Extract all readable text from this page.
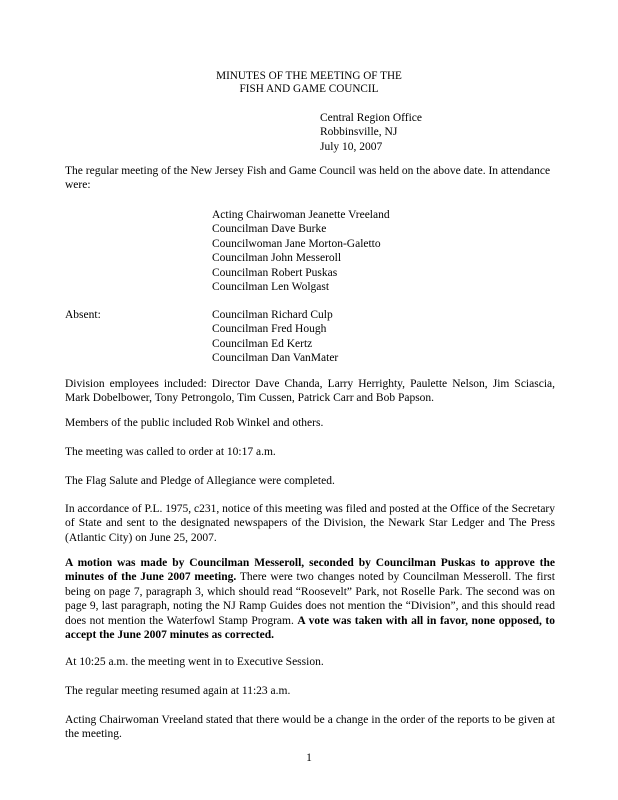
MINUTES OF THE MEETING OF THE
FISH AND GAME COUNCIL
Central Region Office
Robbinsville, NJ
July 10, 2007
The regular meeting of the New Jersey Fish and Game Council was held on the above date. In attendance were:
Acting Chairwoman Jeanette Vreeland
Councilman Dave Burke
Councilwoman Jane Morton-Galetto
Councilman John Messeroll
Councilman Robert Puskas
Councilman Len Wolgast
Absent:	Councilman Richard Culp
Councilman Fred Hough
Councilman Ed Kertz
Councilman Dan VanMater
Division employees included: Director Dave Chanda, Larry Herrighty, Paulette Nelson, Jim Sciascia, Mark Dobelbower, Tony Petrongolo, Tim Cussen, Patrick Carr and Bob Papson.
Members of the public included Rob Winkel and others.
The meeting was called to order at 10:17 a.m.
The Flag Salute and Pledge of Allegiance were completed.
In accordance of P.L. 1975, c231, notice of this meeting was filed and posted at the Office of the Secretary of State and sent to the designated newspapers of the Division, the Newark Star Ledger and The Press (Atlantic City) on June 25, 2007.
A motion was made by Councilman Messeroll, seconded by Councilman Puskas to approve the minutes of the June 2007 meeting. There were two changes noted by Councilman Messeroll. The first being on page 7, paragraph 3, which should read “Roosevelt” Park, not Roselle Park. The second was on page 9, last paragraph, noting the NJ Ramp Guides does not mention the “Division”, and this should read does not mention the Waterfowl Stamp Program. A vote was taken with all in favor, none opposed, to accept the June 2007 minutes as corrected.
At 10:25 a.m. the meeting went in to Executive Session.
The regular meeting resumed again at 11:23 a.m.
Acting Chairwoman Vreeland stated that there would be a change in the order of the reports to be given at the meeting.
1
